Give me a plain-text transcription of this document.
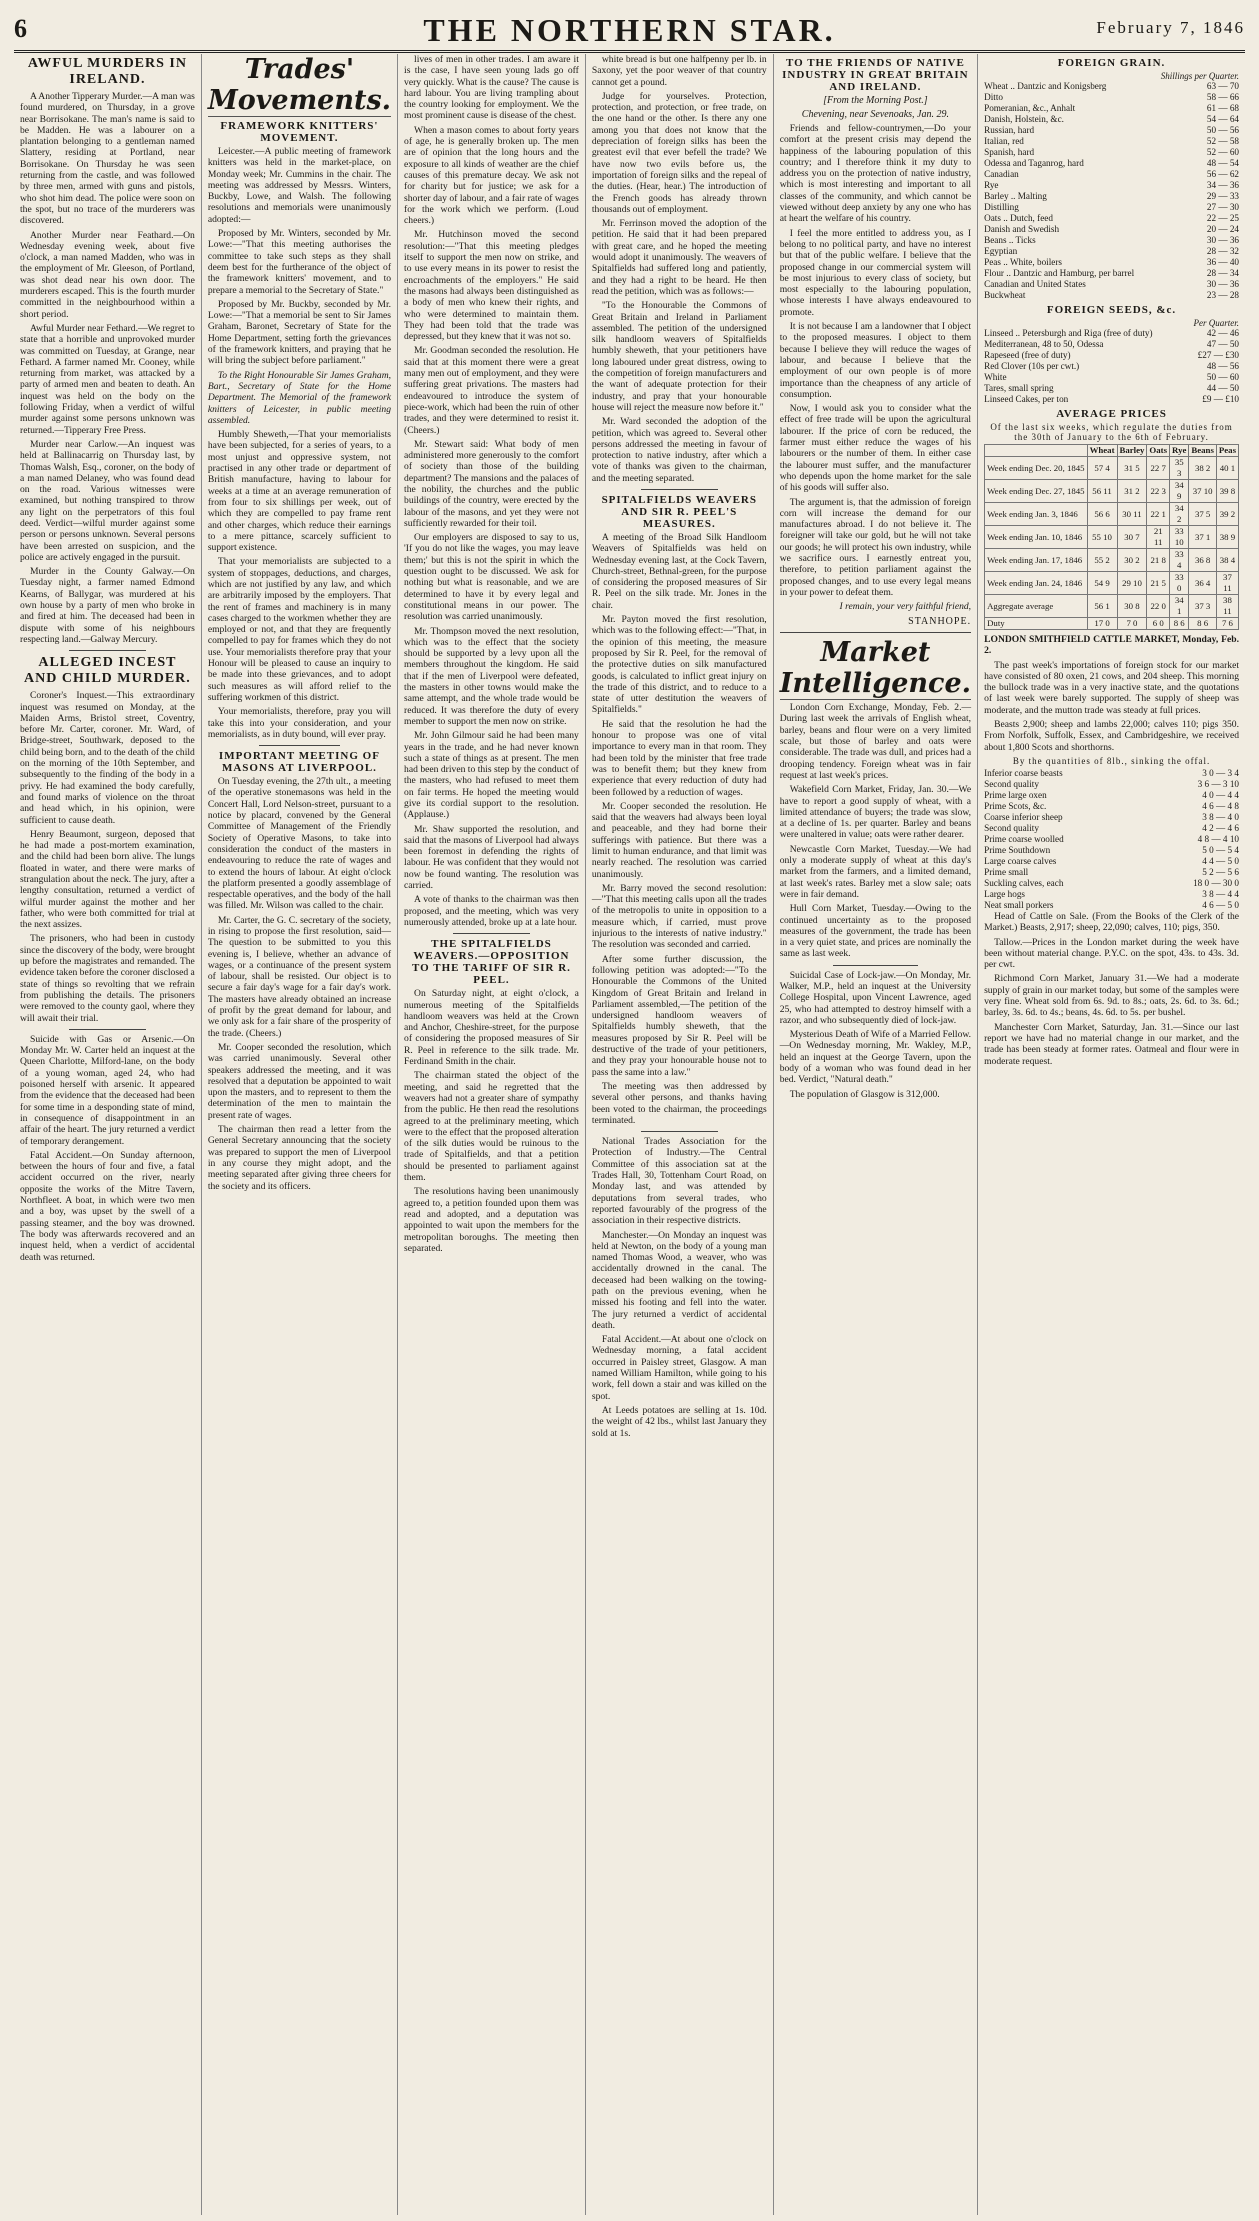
6	THE NORTHERN STAR.	February 7, 1846
AWFUL MURDERS IN IRELAND.

A Another Tipperary Murder.—A man was found murdered, on Thursday, in a grove near Borrisokane. The man's name is said to be Madden. He was a labourer on a plantation belonging to a gentleman named Slattery, residing at Portland, near Borrisokane. On Thursday he was seen returning from the castle, and was followed by three men, armed with guns and pistols, who shot him dead. The police were soon on the spot, but no trace of the murderers was discovered.

Another Murder near Feathard.—On Wednesday evening week, about five o'clock, a man named Madden, who was in the employment of Mr. Gleeson, of Portland, was shot dead near his own door. The murderers escaped. This is the fourth murder committed in the neighbourhood within a short period.

Awful Murder near Fethard.—We regret to state that a horrible and unprovoked murder was committed on Tuesday, at Grange, near Fethard. A farmer named Mr. Cooney, while returning from market, was attacked by a party of armed men and beaten to death. An inquest was held on the body on the following Friday, when a verdict of wilful murder against some persons unknown was returned.—Tipperary Free Press.

Murder near Carlow.—An inquest was held at Ballinacarrig on Thursday last, by Thomas Walsh, Esq., coroner, on the body of a man named Delaney, who was found dead on the road. Various witnesses were examined, but nothing transpired to throw any light on the perpetrators of this foul deed. Verdict—wilful murder against some person or persons unknown. Several persons have been arrested on suspicion, and the police are actively engaged in the pursuit.

Murder in the County Galway.—On Tuesday night, a farmer named Edmond Kearns, of Ballygar, was murdered at his own house by a party of men who broke in and fired at him. The deceased had been in dispute with some of his neighbours respecting land.—Galway Mercury.

ALLEGED INCEST AND CHILD MURDER.

Coroner's Inquest.—This extraordinary inquest was resumed on Monday, at the Maiden Arms, Bristol street, Coventry, before Mr. Carter, coroner. Mr. Ward, of Bridge-street, Southwark, deposed to the child being born, and to the death of the child on the morning of the 10th September, and subsequently to the finding of the body in a privy. He had examined the body carefully, and found marks of violence on the throat and head which, in his opinion, were sufficient to cause death.

Henry Beaumont, surgeon, deposed that he had made a post-mortem examination, and the child had been born alive. The lungs floated in water, and there were marks of strangulation about the neck. The jury, after a lengthy consultation, returned a verdict of wilful murder against the mother and her father, who were both committed for trial at the next assizes.

The prisoners, who had been in custody since the discovery of the body, were brought up before the magistrates and remanded. The evidence taken before the coroner disclosed a state of things so revolting that we refrain from publishing the details. The prisoners were removed to the county gaol, where they will await their trial.

Suicide with Gas or Arsenic.—On Monday Mr. W. Carter held an inquest at the Queen Charlotte, Milford-lane, on the body of a young woman, aged 24, who had poisoned herself with arsenic. It appeared from the evidence that the deceased had been for some time in a desponding state of mind, in consequence of disappointment in an affair of the heart. The jury returned a verdict of temporary derangement.

Fatal Accident.—On Sunday afternoon, between the hours of four and five, a fatal accident occurred on the river, nearly opposite the works of the Mitre Tavern, Northfleet. A boat, in which were two men and a boy, was upset by the swell of a passing steamer, and the boy was drowned. The body was afterwards recovered and an inquest held, when a verdict of accidental death was returned.

Trades' Movements.
FRAMEWORK KNITTERS' MOVEMENT.

Leicester.—A public meeting of framework knitters was held in the market-place, on Monday week; Mr. Cummins in the chair. The meeting was addressed by Messrs. Winters, Buckby, Lowe, and Walsh. The following resolutions and memorials were unanimously adopted:—

Proposed by Mr. Winters, seconded by Mr. Lowe:—"That this meeting authorises the committee to take such steps as they shall deem best for the furtherance of the object of the framework knitters' movement, and to prepare a memorial to the Secretary of State."

Proposed by Mr. Buckby, seconded by Mr. Lowe:—"That a memorial be sent to Sir James Graham, Baronet, Secretary of State for the Home Department, setting forth the grievances of the framework knitters, and praying that he will bring the subject before parliament."

To the Right Honourable Sir James Graham, Bart., Secretary of State for the Home Department. The Memorial of the framework knitters of Leicester, in public meeting assembled.

Humbly Sheweth,—That your memorialists have been subjected, for a series of years, to a most unjust and oppressive system, not practised in any other trade or department of British manufacture, having to labour for weeks at a time at an average remuneration of from four to six shillings per week, out of which they are compelled to pay frame rent and other charges, which reduce their earnings to a mere pittance, scarcely sufficient to support existence.

That your memorialists are subjected to a system of stoppages, deductions, and charges, which are not justified by any law, and which are arbitrarily imposed by the employers. That the rent of frames and machinery is in many cases charged to the workmen whether they are employed or not, and that they are frequently compelled to pay for frames which they do not use. Your memorialists therefore pray that your Honour will be pleased to cause an inquiry to be made into these grievances, and to adopt such measures as will afford relief to the suffering workmen of this district.

Your memorialists, therefore, pray you will take this into your consideration, and your memorialists, as in duty bound, will ever pray.

IMPORTANT MEETING OF MASONS AT LIVERPOOL.

On Tuesday evening, the 27th ult., a meeting of the operative stonemasons was held in the Concert Hall, Lord Nelson-street, pursuant to a notice by placard, convened by the General Committee of Management of the Friendly Society of Operative Masons, to take into consideration the conduct of the masters in endeavouring to reduce the rate of wages and to extend the hours of labour. At eight o'clock the platform presented a goodly assemblage of respectable operatives, and the body of the hall was filled. Mr. Wilson was called to the chair.

Mr. Carter, the G. C. secretary of the society, in rising to propose the first resolution, said—The question to be submitted to you this evening is, I believe, whether an advance of wages, or a continuance of the present system of labour, shall be resisted. Our object is to secure a fair day's wage for a fair day's work. The masters have already obtained an increase of profit by the great demand for labour, and we only ask for a fair share of the prosperity of the trade. (Cheers.)

Mr. Cooper seconded the resolution, which was carried unanimously. Several other speakers addressed the meeting, and it was resolved that a deputation be appointed to wait upon the masters, and to represent to them the determination of the men to maintain the present rate of wages.

The chairman then read a letter from the General Secretary announcing that the society was prepared to support the men of Liverpool in any course they might adopt, and the meeting separated after giving three cheers for the society and its officers.

lives of men in other trades. I am aware it is the case, I have seen young lads go off very quickly. What is the cause? The cause is hard labour. You are living trampling about the country looking for employment. We the most prominent cause is disease of the chest.

When a mason comes to about forty years of age, he is generally broken up. The men are of opinion that the long hours and the exposure to all kinds of weather are the chief causes of this premature decay. We ask not for charity but for justice; we ask for a shorter day of labour, and a fair rate of wages for the work which we perform. (Loud cheers.)

Mr. Hutchinson moved the second resolution:—"That this meeting pledges itself to support the men now on strike, and to use every means in its power to resist the encroachments of the employers." He said the masons had always been distinguished as a body of men who knew their rights, and who were determined to maintain them. They had been told that the trade was depressed, but they knew that it was not so.

Mr. Goodman seconded the resolution. He said that at this moment there were a great many men out of employment, and they were suffering great privations. The masters had endeavoured to introduce the system of piece-work, which had been the ruin of other trades, and they were determined to resist it. (Cheers.)

Mr. Stewart said: What body of men administered more generously to the comfort of society than those of the building department? The mansions and the palaces of the nobility, the churches and the public buildings of the country, were erected by the labour of the masons, and yet they were not sufficiently rewarded for their toil.

Our employers are disposed to say to us, 'If you do not like the wages, you may leave them;' but this is not the spirit in which the question ought to be discussed. We ask for nothing but what is reasonable, and we are determined to have it by every legal and constitutional means in our power. The resolution was carried unanimously.

Mr. Thompson moved the next resolution, which was to the effect that the society should be supported by a levy upon all the members throughout the kingdom. He said that if the men of Liverpool were defeated, the masters in other towns would make the same attempt, and the whole trade would be reduced. It was therefore the duty of every member to support the men now on strike.

Mr. John Gilmour said he had been many years in the trade, and he had never known such a state of things as at present. The men had been driven to this step by the conduct of the masters, who had refused to meet them on fair terms. He hoped the meeting would give its cordial support to the resolution. (Applause.)

Mr. Shaw supported the resolution, and said that the masons of Liverpool had always been foremost in defending the rights of labour. He was confident that they would not now be found wanting. The resolution was carried.

A vote of thanks to the chairman was then proposed, and the meeting, which was very numerously attended, broke up at a late hour.

THE SPITALFIELDS WEAVERS.—OPPOSITION TO THE TARIFF OF SIR R. PEEL.

On Saturday night, at eight o'clock, a numerous meeting of the Spitalfields handloom weavers was held at the Crown and Anchor, Cheshire-street, for the purpose of considering the proposed measures of Sir R. Peel in reference to the silk trade. Mr. Ferdinand Smith in the chair.

The chairman stated the object of the meeting, and said he regretted that the weavers had not a greater share of sympathy from the public. He then read the resolutions agreed to at the preliminary meeting, which were to the effect that the proposed alteration of the silk duties would be ruinous to the trade of Spitalfields, and that a petition should be presented to parliament against them.

The resolutions having been unanimously agreed to, a petition founded upon them was read and adopted, and a deputation was appointed to wait upon the members for the metropolitan boroughs. The meeting then separated.

white bread is but one halfpenny per lb. in Saxony, yet the poor weaver of that country cannot get a pound.

Judge for yourselves. Protection, protection, and protection, or free trade, on the one hand or the other. Is there any one among you that does not know that the depreciation of foreign silks has been the greatest evil that ever befell the trade? We have now two evils before us, the importation of foreign silks and the repeal of the duties. (Hear, hear.) The introduction of the French goods has already thrown thousands out of employment.

Mr. Ferrinson moved the adoption of the petition. He said that it had been prepared with great care, and he hoped the meeting would adopt it unanimously. The weavers of Spitalfields had suffered long and patiently, and they had a right to be heard. He then read the petition, which was as follows:—

"To the Honourable the Commons of Great Britain and Ireland in Parliament assembled. The petition of the undersigned silk handloom weavers of Spitalfields humbly sheweth, that your petitioners have long laboured under great distress, owing to the competition of foreign manufacturers and the want of adequate protection for their industry, and pray that your honourable house will reject the measure now before it."

Mr. Ward seconded the adoption of the petition, which was agreed to. Several other persons addressed the meeting in favour of protection to native industry, after which a vote of thanks was given to the chairman, and the meeting separated.

SPITALFIELDS WEAVERS AND SIR R. PEEL'S MEASURES.

A meeting of the Broad Silk Handloom Weavers of Spitalfields was held on Wednesday evening last, at the Cock Tavern, Church-street, Bethnal-green, for the purpose of considering the proposed measures of Sir R. Peel on the silk trade. Mr. Jones in the chair.

Mr. Payton moved the first resolution, which was to the following effect:—"That, in the opinion of this meeting, the measure proposed by Sir R. Peel, for the removal of the protective duties on silk manufactured goods, is calculated to inflict great injury on the trade of this district, and to reduce to a state of utter destitution the weavers of Spitalfields."

He said that the resolution he had the honour to propose was one of vital importance to every man in that room. They had been told by the minister that free trade was to benefit them; but they knew from experience that every reduction of duty had been followed by a reduction of wages.

Mr. Cooper seconded the resolution. He said that the weavers had always been loyal and peaceable, and they had borne their sufferings with patience. But there was a limit to human endurance, and that limit was nearly reached. The resolution was carried unanimously.

Mr. Barry moved the second resolution:—"That this meeting calls upon all the trades of the metropolis to unite in opposition to a measure which, if carried, must prove injurious to the interests of native industry." The resolution was seconded and carried.

After some further discussion, the following petition was adopted:—"To the Honourable the Commons of the United Kingdom of Great Britain and Ireland in Parliament assembled,—The petition of the undersigned handloom weavers of Spitalfields humbly sheweth, that the measures proposed by Sir R. Peel will be destructive of the trade of your petitioners, and they pray your honourable house not to pass the same into a law."

The meeting was then addressed by several other persons, and thanks having been voted to the chairman, the proceedings terminated.

National Trades Association for the Protection of Industry.—The Central Committee of this association sat at the Trades Hall, 30, Tottenham Court Road, on Monday last, and was attended by deputations from several trades, who reported favourably of the progress of the association in their respective districts.

Manchester.—On Monday an inquest was held at Newton, on the body of a young man named Thomas Wood, a weaver, who was accidentally drowned in the canal. The deceased had been walking on the towing-path on the previous evening, when he missed his footing and fell into the water. The jury returned a verdict of accidental death.

Fatal Accident.—At about one o'clock on Wednesday morning, a fatal accident occurred in Paisley street, Glasgow. A man named William Hamilton, while going to his work, fell down a stair and was killed on the spot.

At Leeds potatoes are selling at 1s. 10d. the weight of 42 lbs., whilst last January they sold at 1s.

TO THE FRIENDS OF NATIVE INDUSTRY IN GREAT BRITAIN AND IRELAND.
[From the Morning Post.]
Chevening, near Sevenoaks, Jan. 29.

Friends and fellow-countrymen,—Do your comfort at the present crisis may depend the happiness of the labouring population of this country; and I therefore think it my duty to address you on the protection of native industry, which is most interesting and important to all classes of the community, and which cannot be viewed without deep anxiety by any one who has at heart the welfare of his country.

I feel the more entitled to address you, as I belong to no political party, and have no interest but that of the public welfare. I believe that the proposed change in our commercial system will be most injurious to every class of society, but most especially to the labouring population, whose interests I have always endeavoured to promote.

It is not because I am a landowner that I object to the proposed measures. I object to them because I believe they will reduce the wages of labour, and because I believe that the employment of our own people is of more importance than the cheapness of any article of consumption.

Now, I would ask you to consider what the effect of free trade will be upon the agricultural labourer. If the price of corn be reduced, the farmer must either reduce the wages of his labourers or the number of them. In either case the labourer must suffer, and the manufacturer who depends upon the home market for the sale of his goods will suffer also.

The argument is, that the admission of foreign corn will increase the demand for our manufactures abroad. I do not believe it. The foreigner will take our gold, but he will not take our goods; he will protect his own industry, while we sacrifice ours. I earnestly entreat you, therefore, to petition parliament against the proposed changes, and to use every legal means in your power to defeat them.

I remain, your very faithful friend,
STANHOPE.
Market Intelligence.

London Corn Exchange, Monday, Feb. 2.—During last week the arrivals of English wheat, barley, beans and flour were on a very limited scale, but those of barley and oats were considerable. The trade was dull, and prices had a drooping tendency. Foreign wheat was in fair request at last week's prices.

Wakefield Corn Market, Friday, Jan. 30.—We have to report a good supply of wheat, with a limited attendance of buyers; the trade was slow, at a decline of 1s. per quarter. Barley and beans were unaltered in value; oats were rather dearer.

Newcastle Corn Market, Tuesday.—We had only a moderate supply of wheat at this day's market from the farmers, and a limited demand, at last week's rates. Barley met a slow sale; oats were in fair demand.

Hull Corn Market, Tuesday.—Owing to the continued uncertainty as to the proposed measures of the government, the trade has been in a very quiet state, and prices are nominally the same as last week.

Suicidal Case of Lock-jaw.—On Monday, Mr. Walker, M.P., held an inquest at the University College Hospital, upon Vincent Lawrence, aged 25, who had attempted to destroy himself with a razor, and who subsequently died of lock-jaw.

Mysterious Death of Wife of a Married Fellow.—On Wednesday morning, Mr. Wakley, M.P., held an inquest at the George Tavern, upon the body of a woman who was found dead in her bed. Verdict, "Natural death."

The population of Glasgow is 312,000.

FOREIGN GRAIN.
Shillings per Quarter.
Wheat .. Dantzic and Konigsberg	63 — 70
Ditto	58 — 66
Pomeranian, &c., Anhalt	61 — 68
Danish, Holstein, &c.	54 — 64
Russian, hard	50 — 56
Italian, red	52 — 58
Spanish, hard	52 — 60
Odessa and Taganrog, hard	48 — 54
Canadian	56 — 62
Rye	34 — 36
Barley .. Malting	29 — 33
Distilling	27 — 30
Oats .. Dutch, feed	22 — 25
Danish and Swedish	20 — 24
Beans .. Ticks	30 — 36
Egyptian	28 — 32
Peas .. White, boilers	36 — 40
Flour .. Dantzic and Hamburg, per barrel	28 — 34
Canadian and United States	30 — 36
Buckwheat	23 — 28
FOREIGN SEEDS, &c.
Per Quarter.
Linseed .. Petersburgh and Riga (free of duty)	42 — 46
Mediterranean, 48 to 50, Odessa	47 — 50
Rapeseed (free of duty)	£27 — £30
Red Clover (10s per cwt.)	48 — 56
White	50 — 60
Tares, small spring	44 — 50
Linseed Cakes, per ton	£9 — £10
AVERAGE PRICES
Of the last six weeks, which regulate the duties from the 30th of January to the 6th of February.
	Wheat	Barley	Oats	Rye	Beans	Peas
Week ending Dec. 20, 1845	57 4	31 5	22 7	35 3	38 2	40 1
Week ending Dec. 27, 1845	56 11	31 2	22 3	34 9	37 10	39 8
Week ending Jan. 3, 1846	56 6	30 11	22 1	34 2	37 5	39 2
Week ending Jan. 10, 1846	55 10	30 7	21 11	33 10	37 1	38 9
Week ending Jan. 17, 1846	55 2	30 2	21 8	33 4	36 8	38 4
Week ending Jan. 24, 1846	54 9	29 10	21 5	33 0	36 4	37 11
Aggregate average	56 1	30 8	22 0	34 1	37 3	38 11
Duty	17 0	7 0	6 0	8 6	8 6	7 6

LONDON SMITHFIELD CATTLE MARKET, Monday, Feb. 2.

The past week's importations of foreign stock for our market have consisted of 80 oxen, 21 cows, and 204 sheep. This morning the bullock trade was in a very inactive state, and the quotations of last week were barely supported. The supply of sheep was moderate, and the mutton trade was steady at full prices.

Beasts 2,900; sheep and lambs 22,000; calves 110; pigs 350. From Norfolk, Suffolk, Essex, and Cambridgeshire, we received about 1,800 Scots and shorthorns.

By the quantities of 8lb., sinking the offal.
Inferior coarse beasts	3 0 — 3 4
Second quality	3 6 — 3 10
Prime large oxen	4 0 — 4 4
Prime Scots, &c.	4 6 — 4 8
Coarse inferior sheep	3 8 — 4 0
Second quality	4 2 — 4 6
Prime coarse woolled	4 8 — 4 10
Prime Southdown	5 0 — 5 4
Large coarse calves	4 4 — 5 0
Prime small	5 2 — 5 6
Suckling calves, each	18 0 — 30 0
Large hogs	3 8 — 4 4
Neat small porkers	4 6 — 5 0

Head of Cattle on Sale. (From the Books of the Clerk of the Market.) Beasts, 2,917; sheep, 22,090; calves, 110; pigs, 350.

Tallow.—Prices in the London market during the week have been without material change. P.Y.C. on the spot, 43s. to 43s. 3d. per cwt.

Richmond Corn Market, January 31.—We had a moderate supply of grain in our market today, but some of the samples were very fine. Wheat sold from 6s. 9d. to 8s.; oats, 2s. 6d. to 3s. 6d.; barley, 3s. 6d. to 4s.; beans, 4s. 6d. to 5s. per bushel.

Manchester Corn Market, Saturday, Jan. 31.—Since our last report we have had no material change in our market, and the trade has been steady at former rates. Oatmeal and flour were in moderate request.
